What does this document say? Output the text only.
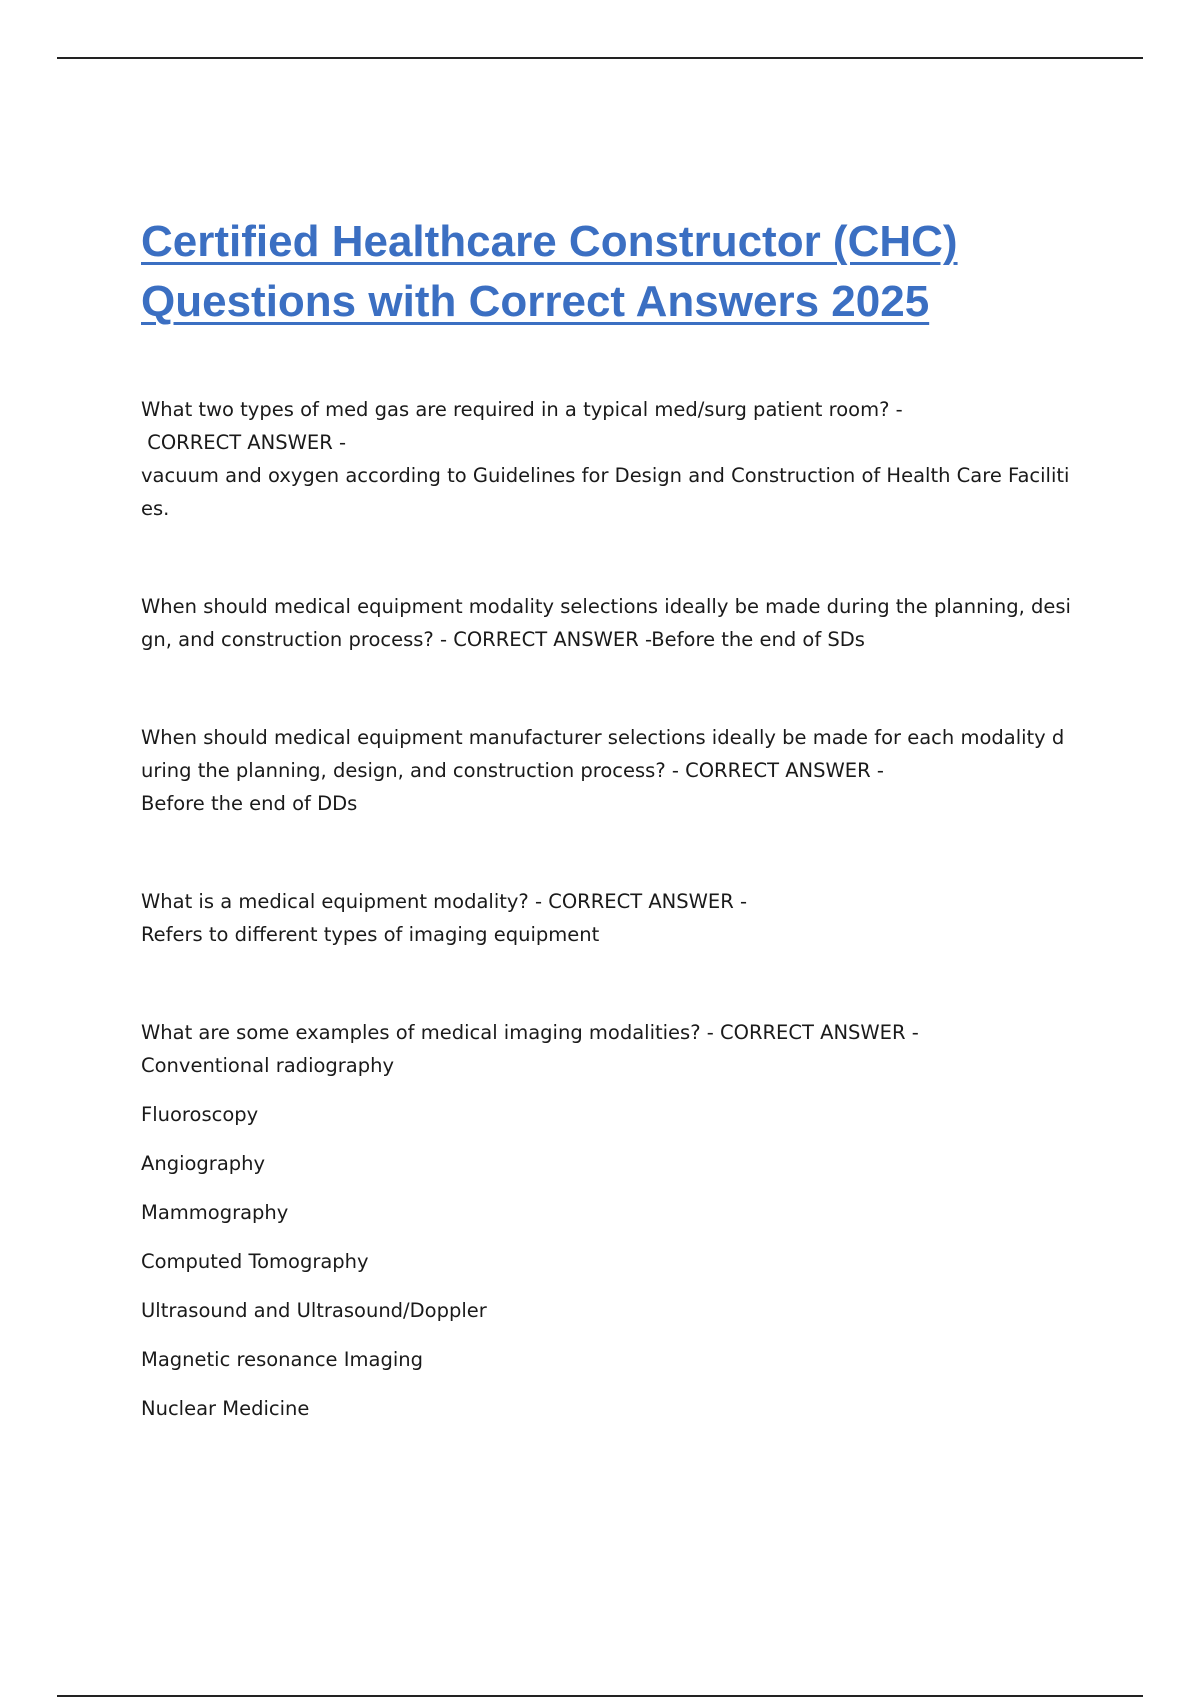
Certified Healthcare Constructor (CHC)
Questions with Correct Answers 2025
What two types of med gas are required in a typical med/surg patient room? -
CORRECT ANSWER -
vacuum and oxygen according to Guidelines for Design and Construction of Health Care Faciliti
es.
When should medical equipment modality selections ideally be made during the planning, desi
gn, and construction process? - CORRECT ANSWER -Before the end of SDs
When should medical equipment manufacturer selections ideally be made for each modality d
uring the planning, design, and construction process? - CORRECT ANSWER -
Before the end of DDs
What is a medical equipment modality? - CORRECT ANSWER -
Refers to different types of imaging equipment
What are some examples of medical imaging modalities? - CORRECT ANSWER -
Conventional radiography
Fluoroscopy
Angiography
Mammography
Computed Tomography
Ultrasound and Ultrasound/Doppler
Magnetic resonance Imaging
Nuclear Medicine
